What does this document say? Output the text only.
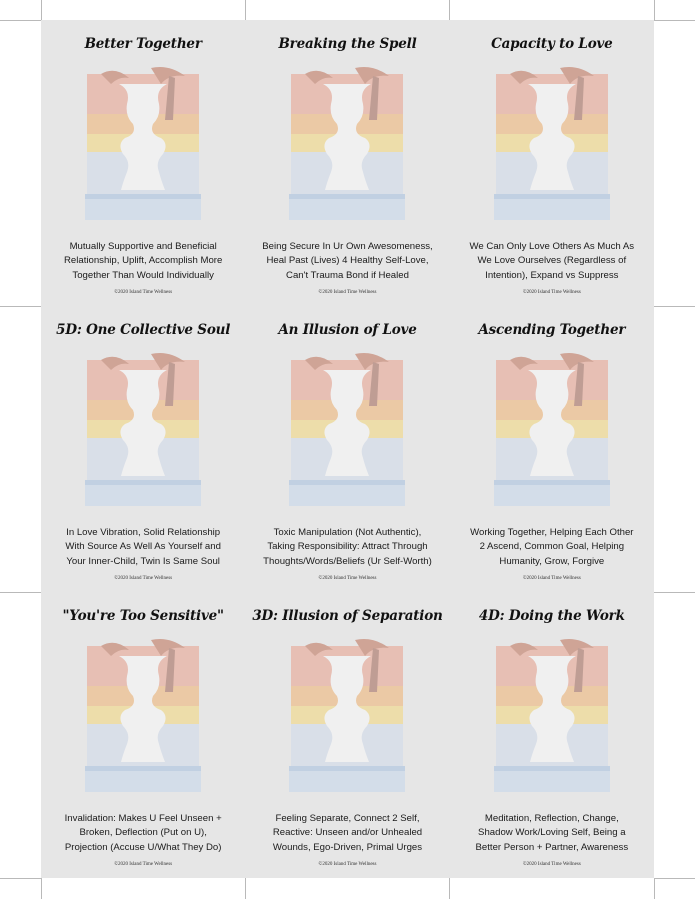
Better Together
Mutually Supportive and Beneficial
Relationship, Uplift, Accomplish More
Together Than Would Individually
©2020 Island Time Wellness
Breaking the Spell
Being Secure In Ur Own Awesomeness,
Heal Past (Lives) 4 Healthy Self-Love,
Can't Trauma Bond if Healed
©2020 Island Time Wellness
Capacity to Love
We Can Only Love Others As Much As
We Love Ourselves (Regardless of
Intention), Expand vs Suppress
©2020 Island Time Wellness
5D: One Collective Soul
In Love Vibration, Solid Relationship
With Source As Well As Yourself and
Your Inner-Child, Twin Is Same Soul
©2020 Island Time Wellness
An Illusion of Love
Toxic Manipulation (Not Authentic),
Taking Responsibility: Attract Through
Thoughts/Words/Beliefs (Ur Self-Worth)
©2020 Island Time Wellness
Ascending Together
Working Together, Helping Each Other
2 Ascend, Common Goal, Helping
Humanity, Grow, Forgive
©2020 Island Time Wellness
"You're Too Sensitive"
Invalidation: Makes U Feel Unseen +
Broken, Deflection (Put on U),
Projection (Accuse U/What They Do)
©2020 Island Time Wellness
3D: Illusion of Separation
Feeling Separate, Connect 2 Self,
Reactive: Unseen and/or Unhealed
Wounds, Ego-Driven, Primal Urges
©2020 Island Time Wellness
4D: Doing the Work
Meditation, Reflection, Change,
Shadow Work/Loving Self, Being a
Better Person + Partner, Awareness
©2020 Island Time Wellness
